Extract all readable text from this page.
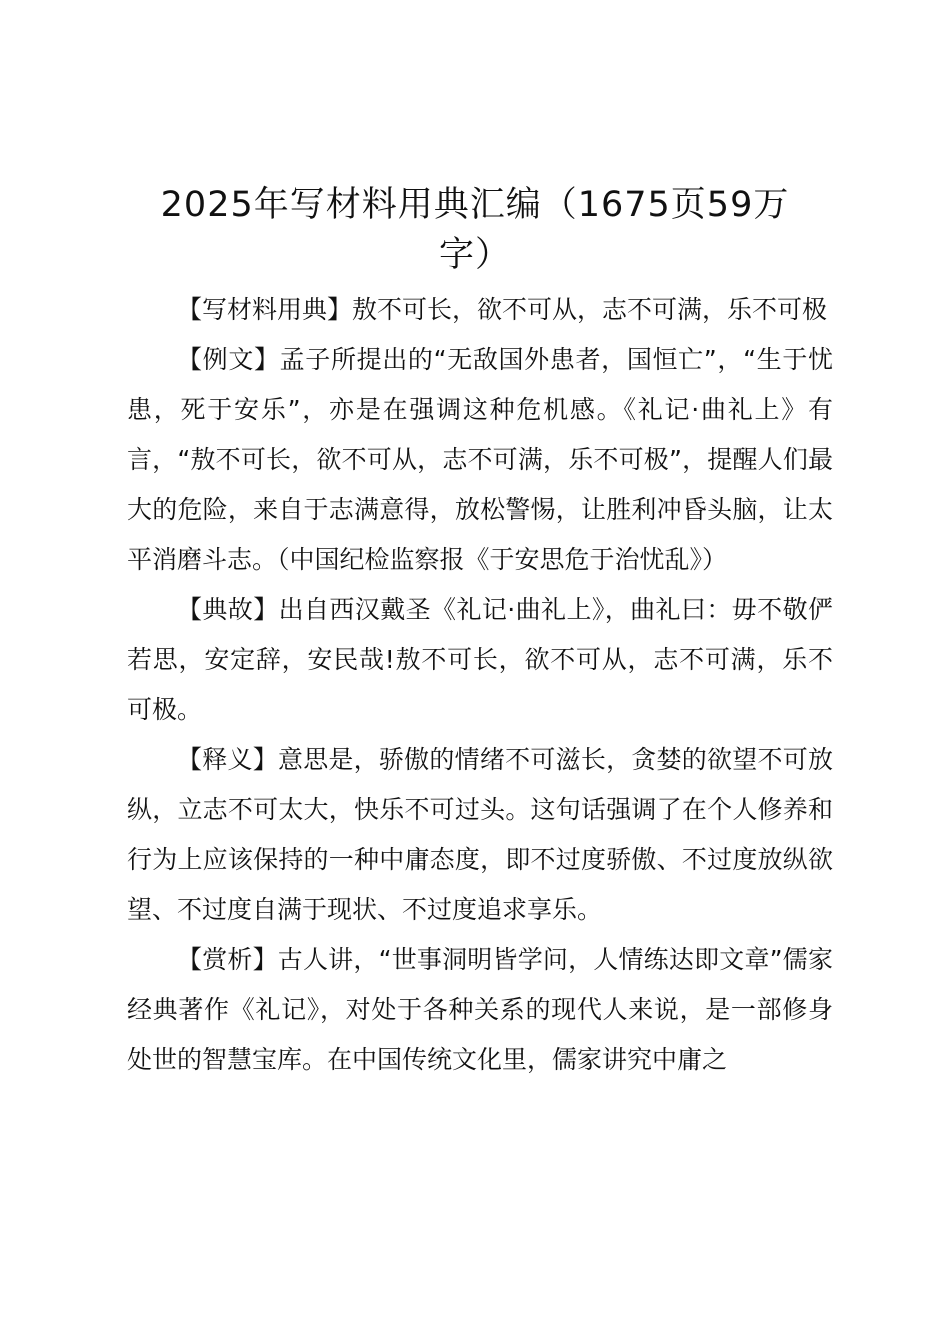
2025年写材料用典汇编（1675页59万字）

【写材料用典】敖不可长，欲不可从，志不可满，乐不可极

【例文】孟子所提出的“无敌国外患者，国恒亡”，“生于忧患，死于安乐”，亦是在强调这种危机感。《礼记·曲礼上》有言，“敖不可长，欲不可从，志不可满，乐不可极”，提醒人们最大的危险，来自于志满意得，放松警惕，让胜利冲昏头脑，让太平消磨斗志。（中国纪检监察报《于安思危于治忧乱》）

【典故】出自西汉戴圣《礼记·曲礼上》，曲礼曰：毋不敬俨若思，安定辞，安民哉!敖不可长，欲不可从，志不可满，乐不可极。

【释义】意思是，骄傲的情绪不可滋长，贪婪的欲望不可放纵，立志不可太大，快乐不可过头。这句话强调了在个人修养和行为上应该保持的一种中庸态度，即不过度骄傲、不过度放纵欲望、不过度自满于现状、不过度追求享乐。

【赏析】古人讲，“世事洞明皆学问，人情练达即文章”儒家经典著作《礼记》，对处于各种关系的现代人来说，是一部修身处世的智慧宝库。在中国传统文化里，儒家讲究中庸之
